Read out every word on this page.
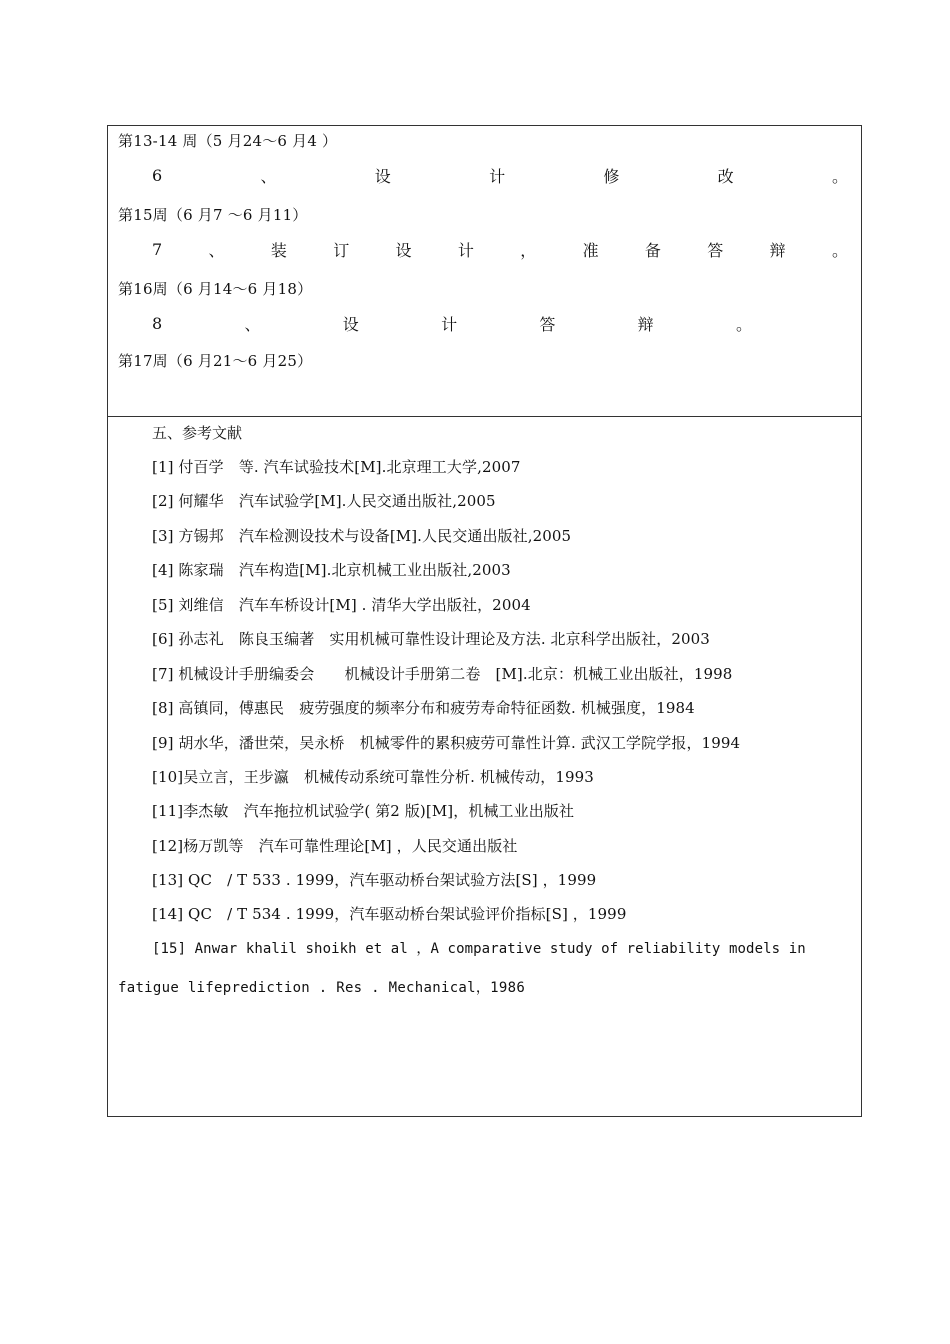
第13-14 周（5 月24～6 月4 ）
6	、	设	计	修	改	。
第15周（6 月7 ～6 月11）
7	、	装	订	设	计	，	准	备	答	辩	。
第16周（6 月14～6 月18）
8	、	设	计	答	辩	。
第17周（6 月21～6 月25）
五、参考文献
[1] 付百学　等. 汽车试验技术[M].北京理工大学,2007
[2] 何耀华　汽车试验学[M].人民交通出版社,2005
[3] 方锡邦　汽车检测设技术与设备[M].人民交通出版社,2005
[4] 陈家瑞　汽车构造[M].北京机械工业出版社,2003
[5] 刘维信　汽车车桥设计[M] . 清华大学出版社，2004
[6] 孙志礼　陈良玉编著　实用机械可靠性设计理论及方法. 北京科学出版社，2003
[7] 机械设计手册编委会　　机械设计手册第二卷　[M].北京：机械工业出版社，1998
[8] 高镇同，傅惠民　疲劳强度的频率分布和疲劳寿命特征函数. 机械强度，1984
[9] 胡水华，潘世荣，吴永桥　机械零件的累积疲劳可靠性计算. 武汉工学院学报，1994
[10]吴立言，王步瀛　机械传动系统可靠性分析. 机械传动，1993
[11]李杰敏　汽车拖拉机试验学( 第2 版)[M]，机械工业出版社
[12]杨万凯等　汽车可靠性理论[M] ，人民交通出版社
[13] QC　/ T 533 . 1999，汽车驱动桥台架试验方法[S] ，1999
[14] QC　/ T 534 . 1999，汽车驱动桥台架试验评价指标[S] ，1999
[15] Anwar khalil shoikh et al ，A comparative study of reliability models in
fatigue lifeprediction . Res . Mechanical，1986
